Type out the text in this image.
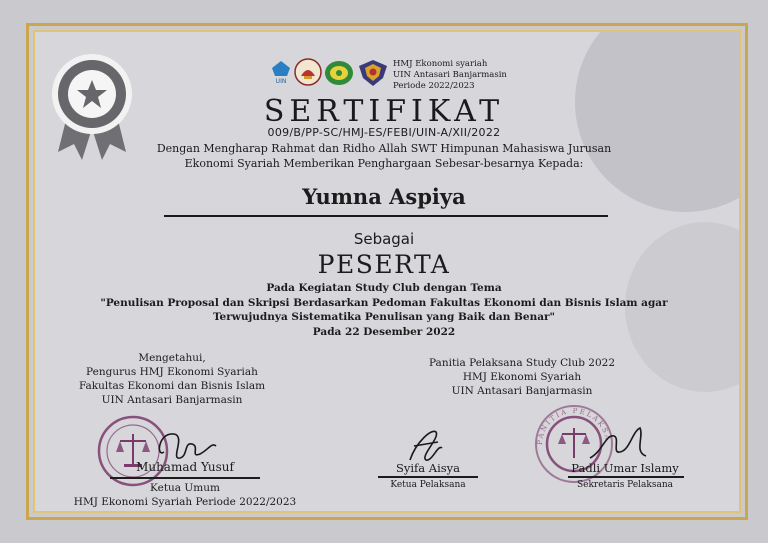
UIN
HMJ Ekonomi syariah
UIN Antasari Banjarmasin
Periode 2022/2023
SERTIFIKAT
009/B/PP-SC/HMJ-ES/FEBI/UIN-A/XII/2022
Dengan Mengharap Rahmat dan Ridho Allah SWT Himpunan Mahasiswa Jurusan
Ekonomi Syariah Memberikan Penghargaan Sebesar-besarnya Kepada:
Yumna Aspiya
Sebagai
PESERTA
Pada Kegiatan Study Club dengan Tema
"Penulisan Proposal dan Skripsi Berdasarkan Pedoman Fakultas Ekonomi dan Bisnis Islam agar
Terwujudnya Sistematika Penulisan yang Baik dan Benar"
Pada 22 Desember 2022
Mengetahui,
Pengurus HMJ Ekonomi Syariah
Fakultas Ekonomi dan Bisnis Islam
UIN Antasari Banjarmasin
Panitia Pelaksana Study Club 2022
HMJ Ekonomi Syariah
UIN Antasari Banjarmasin
PANITIA PELAKSA
Muhamad Yusuf
Ketua Umum
HMJ Ekonomi Syariah Periode 2022/2023
Syifa Aisya
Ketua Pelaksana
Padli Umar Islamy
Sekretaris Pelaksana
